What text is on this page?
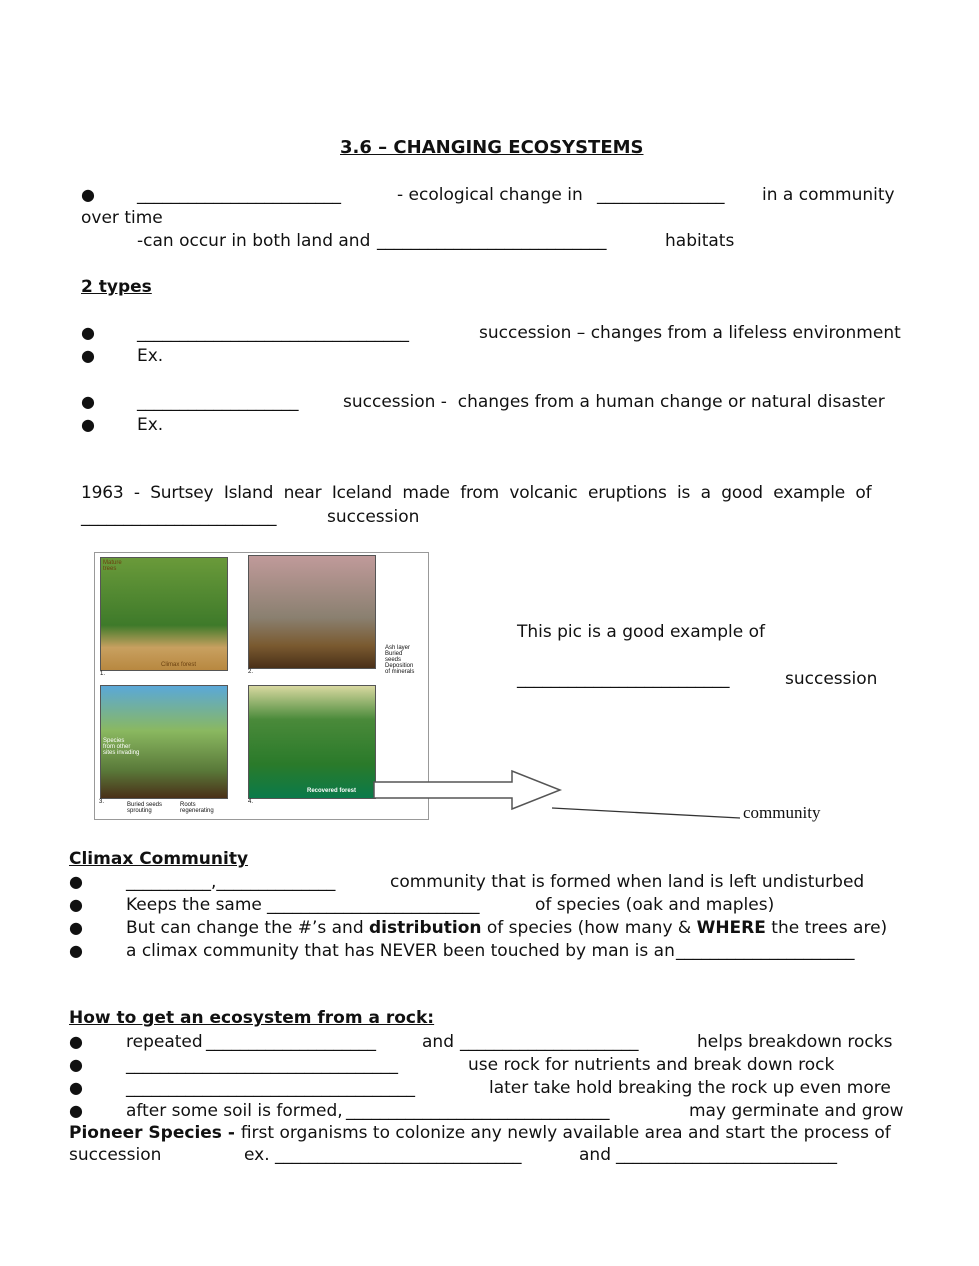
3.6 – CHANGING ECOSYSTEMS
● ________________________	- ecological change in _______________ in a community
over time
-can occur in both land and ___________________________	habitats
2 types
● ________________________________	succession – changes from a lifeless environment
● Ex.
● ___________________	succession -  changes from a human change or natural disaster
● Ex.
1963  -  Surtsey  Island  near  Iceland  made  from  volcanic  eruptions  is  a  good  example  of
_______________________	succession
Mature
trees
Climax forest
1.
Ash layer
Buried
seeds
Deposition
of minerals
2.
Species
from other
sites invading
3.	Buried seeds
sprouting
Roots
regenerating
Recovered forest
4.
This pic is a good example of
_________________________	succession
community
Climax Community
●	__________,______________	community that is formed when land is left undisturbed
●	Keeps the same _________________________	of species (oak and maples)
●	But can change the #’s and distribution of species (how many & WHERE the trees are)
●	a climax community that has NEVER been touched by man is an _____________________
How to get an ecosystem from a rock:
●	repeated ____________________	and _____________________	helps breakdown rocks
●	________________________________	use rock for nutrients and break down rock
●	__________________________________	later take hold breaking the rock up even more
●	after some soil is formed, _______________________________	may germinate and grow
Pioneer Species - first organisms to colonize any newly available area and start the process of
succession	ex. _____________________________	and __________________________
